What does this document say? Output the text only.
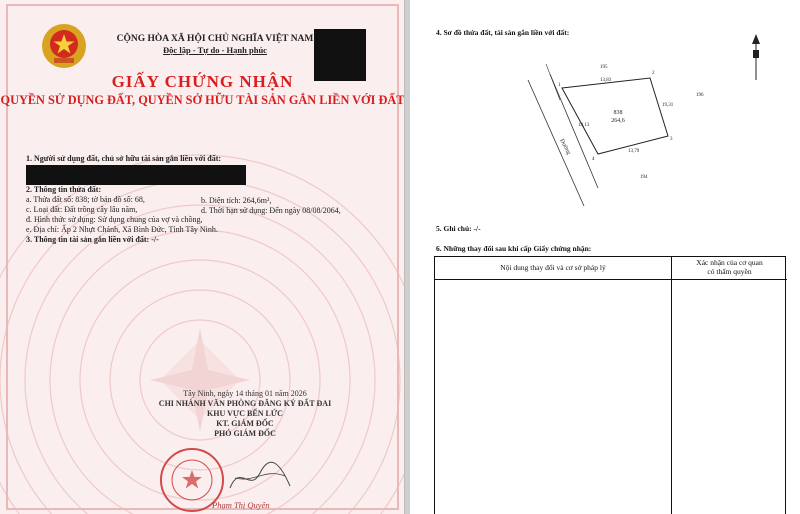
CỘNG HÒA XÃ HỘI CHỦ NGHĨA VIỆT NAM
Độc lập - Tự do - Hạnh phúc
GIẤY CHỨNG NHẬN
QUYỀN SỬ DỤNG ĐẤT, QUYỀN SỞ HỮU TÀI SẢN GẮN LIỀN VỚI ĐẤT
1. Người sử dụng đất, chủ sở hữu tài sản gắn liền với đất:
2. Thông tin thửa đất:
a. Thửa đất số: 838; tờ bản đồ số: 68,	b. Diện tích: 264,6m²,
c. Loại đất: Đất trồng cây lâu năm,	d. Thời hạn sử dụng: Đến ngày 08/08/2064,
đ. Hình thức sử dụng: Sử dụng chung của vợ và chồng,
e. Địa chỉ: Ấp 2 Nhựt Chánh, Xã Bình Đức, Tỉnh Tây Ninh.
3. Thông tin tài sản gắn liền với đất: -/-
Tây Ninh, ngày 14 tháng 01 năm 2026
CHI NHÁNH VĂN PHÒNG ĐĂNG KÝ ĐẤT ĐAI
KHU VỰC BẾN LỨC
KT. GIÁM ĐỐC
PHÓ GIÁM ĐỐC
Phạm Thị Quyên
4. Sơ đồ thửa đất, tài sản gắn liền với đất:
Đường
838
264,6
13,83
13,79
19,31
19,13
1
2
3
4
195
196
194
5. Ghi chú: -/-
6. Những thay đổi sau khi cấp Giấy chứng nhận:
Nội dung thay đổi và cơ sở pháp lý
Xác nhận của cơ quan
có thẩm quyền
